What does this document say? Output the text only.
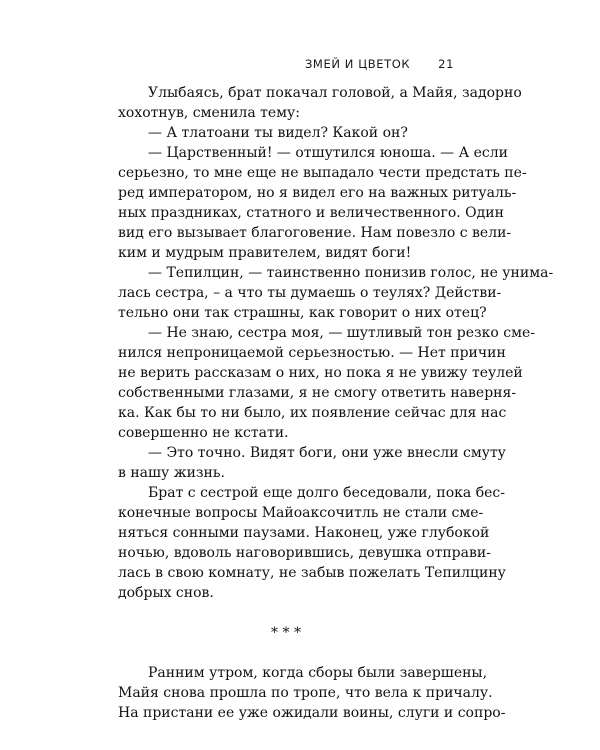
ЗМЕЙ И ЦВЕТОК 21
Улыбаясь, брат покачал головой, а Майя, задорно
хохотнув, сменила тему:
— А тлатоани ты видел? Какой он?
— Царственный! — отшутился юноша. — А если
серьезно, то мне еще не выпадало чести предстать пе-
ред императором, но я видел его на важных ритуаль-
ных праздниках, статного и величественного. Один
вид его вызывает благоговение. Нам повезло с вели-
ким и мудрым правителем, видят боги!
— Тепилцин, — таинственно понизив голос, не унима-
лась сестра, – а что ты думаешь о теулях? Действи-
тельно они так страшны, как говорит о них отец?
— Не знаю, сестра моя, — шутливый тон резко сме-
нился непроницаемой серьезностью. — Нет причин
не верить рассказам о них, но пока я не увижу теулей
собственными глазами, я не смогу ответить наверня-
ка. Как бы то ни было, их появление сейчас для нас
совершенно не кстати.
— Это точно. Видят боги, они уже внесли смуту
в нашу жизнь.
Брат с сестрой еще долго беседовали, пока бес-
конечные вопросы Майоаксочитль не стали сме-
няться сонными паузами. Наконец, уже глубокой
ночью, вдоволь наговорившись, девушка отправи-
лась в свою комнату, не забыв пожелать Тепилцину
добрых снов.
* * *
Ранним утром, когда сборы были завершены,
Майя снова прошла по тропе, что вела к причалу.
На пристани ее уже ожидали воины, слуги и сопро-
